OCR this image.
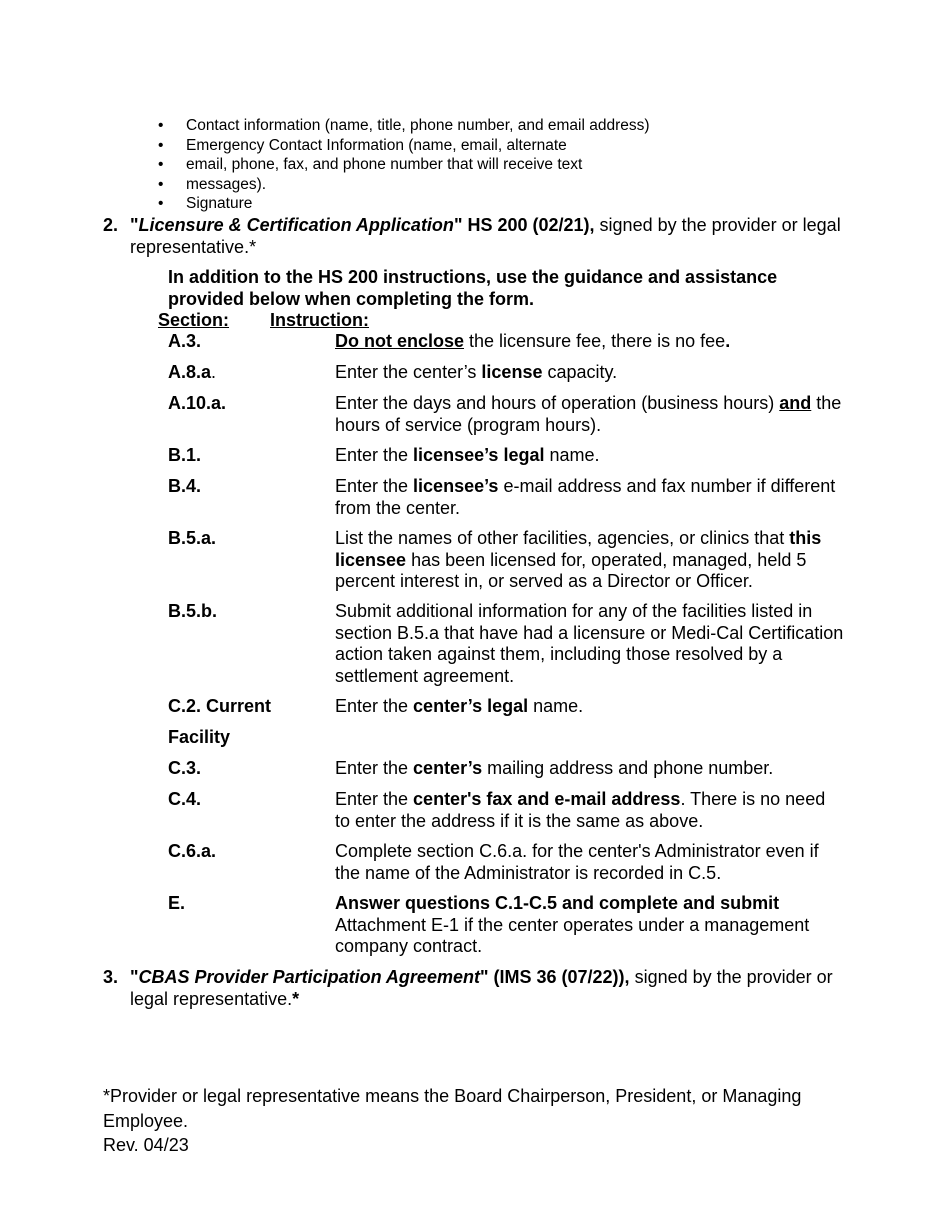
• Contact information (name, title, phone number, and email address)
• Emergency Contact Information (name, email, alternate
• email, phone, fax, and phone number that will receive text
• messages).
• Signature
2. "Licensure & Certification Application" HS 200 (02/21), signed by the provider or legal representative.*
In addition to the HS 200 instructions, use the guidance and assistance provided below when completing the form.
Section: Instruction:
A.3.	Do not enclose the licensure fee, there is no fee.
A.8.a.	Enter the center’s license capacity.
A.10.a.	Enter the days and hours of operation (business hours) and the hours of service (program hours).
B.1.	Enter the licensee’s legal name.
B.4.	Enter the licensee’s e-mail address and fax number if different from the center.
B.5.a.	List the names of other facilities, agencies, or clinics that this licensee has been licensed for, operated, managed, held 5 percent interest in, or served as a Director or Officer.
B.5.b.	Submit additional information for any of the facilities listed in section B.5.a that have had a licensure or Medi-Cal Certification action taken against them, including those resolved by a settlement agreement.
C.2. Current	Enter the center’s legal name.
Facility
C.3.	Enter the center’s mailing address and phone number.
C.4.	Enter the center's fax and e-mail address. There is no need to enter the address if it is the same as above.
C.6.a.	Complete section C.6.a. for the center's Administrator even if the name of the Administrator is recorded in C.5.
E.	Answer questions C.1-C.5 and complete and submit Attachment E-1 if the center operates under a management company contract.
3. "CBAS Provider Participation Agreement" (IMS 36 (07/22)), signed by the provider or legal representative.*
*Provider or legal representative means the Board Chairperson, President, or Managing Employee.
Rev. 04/23
